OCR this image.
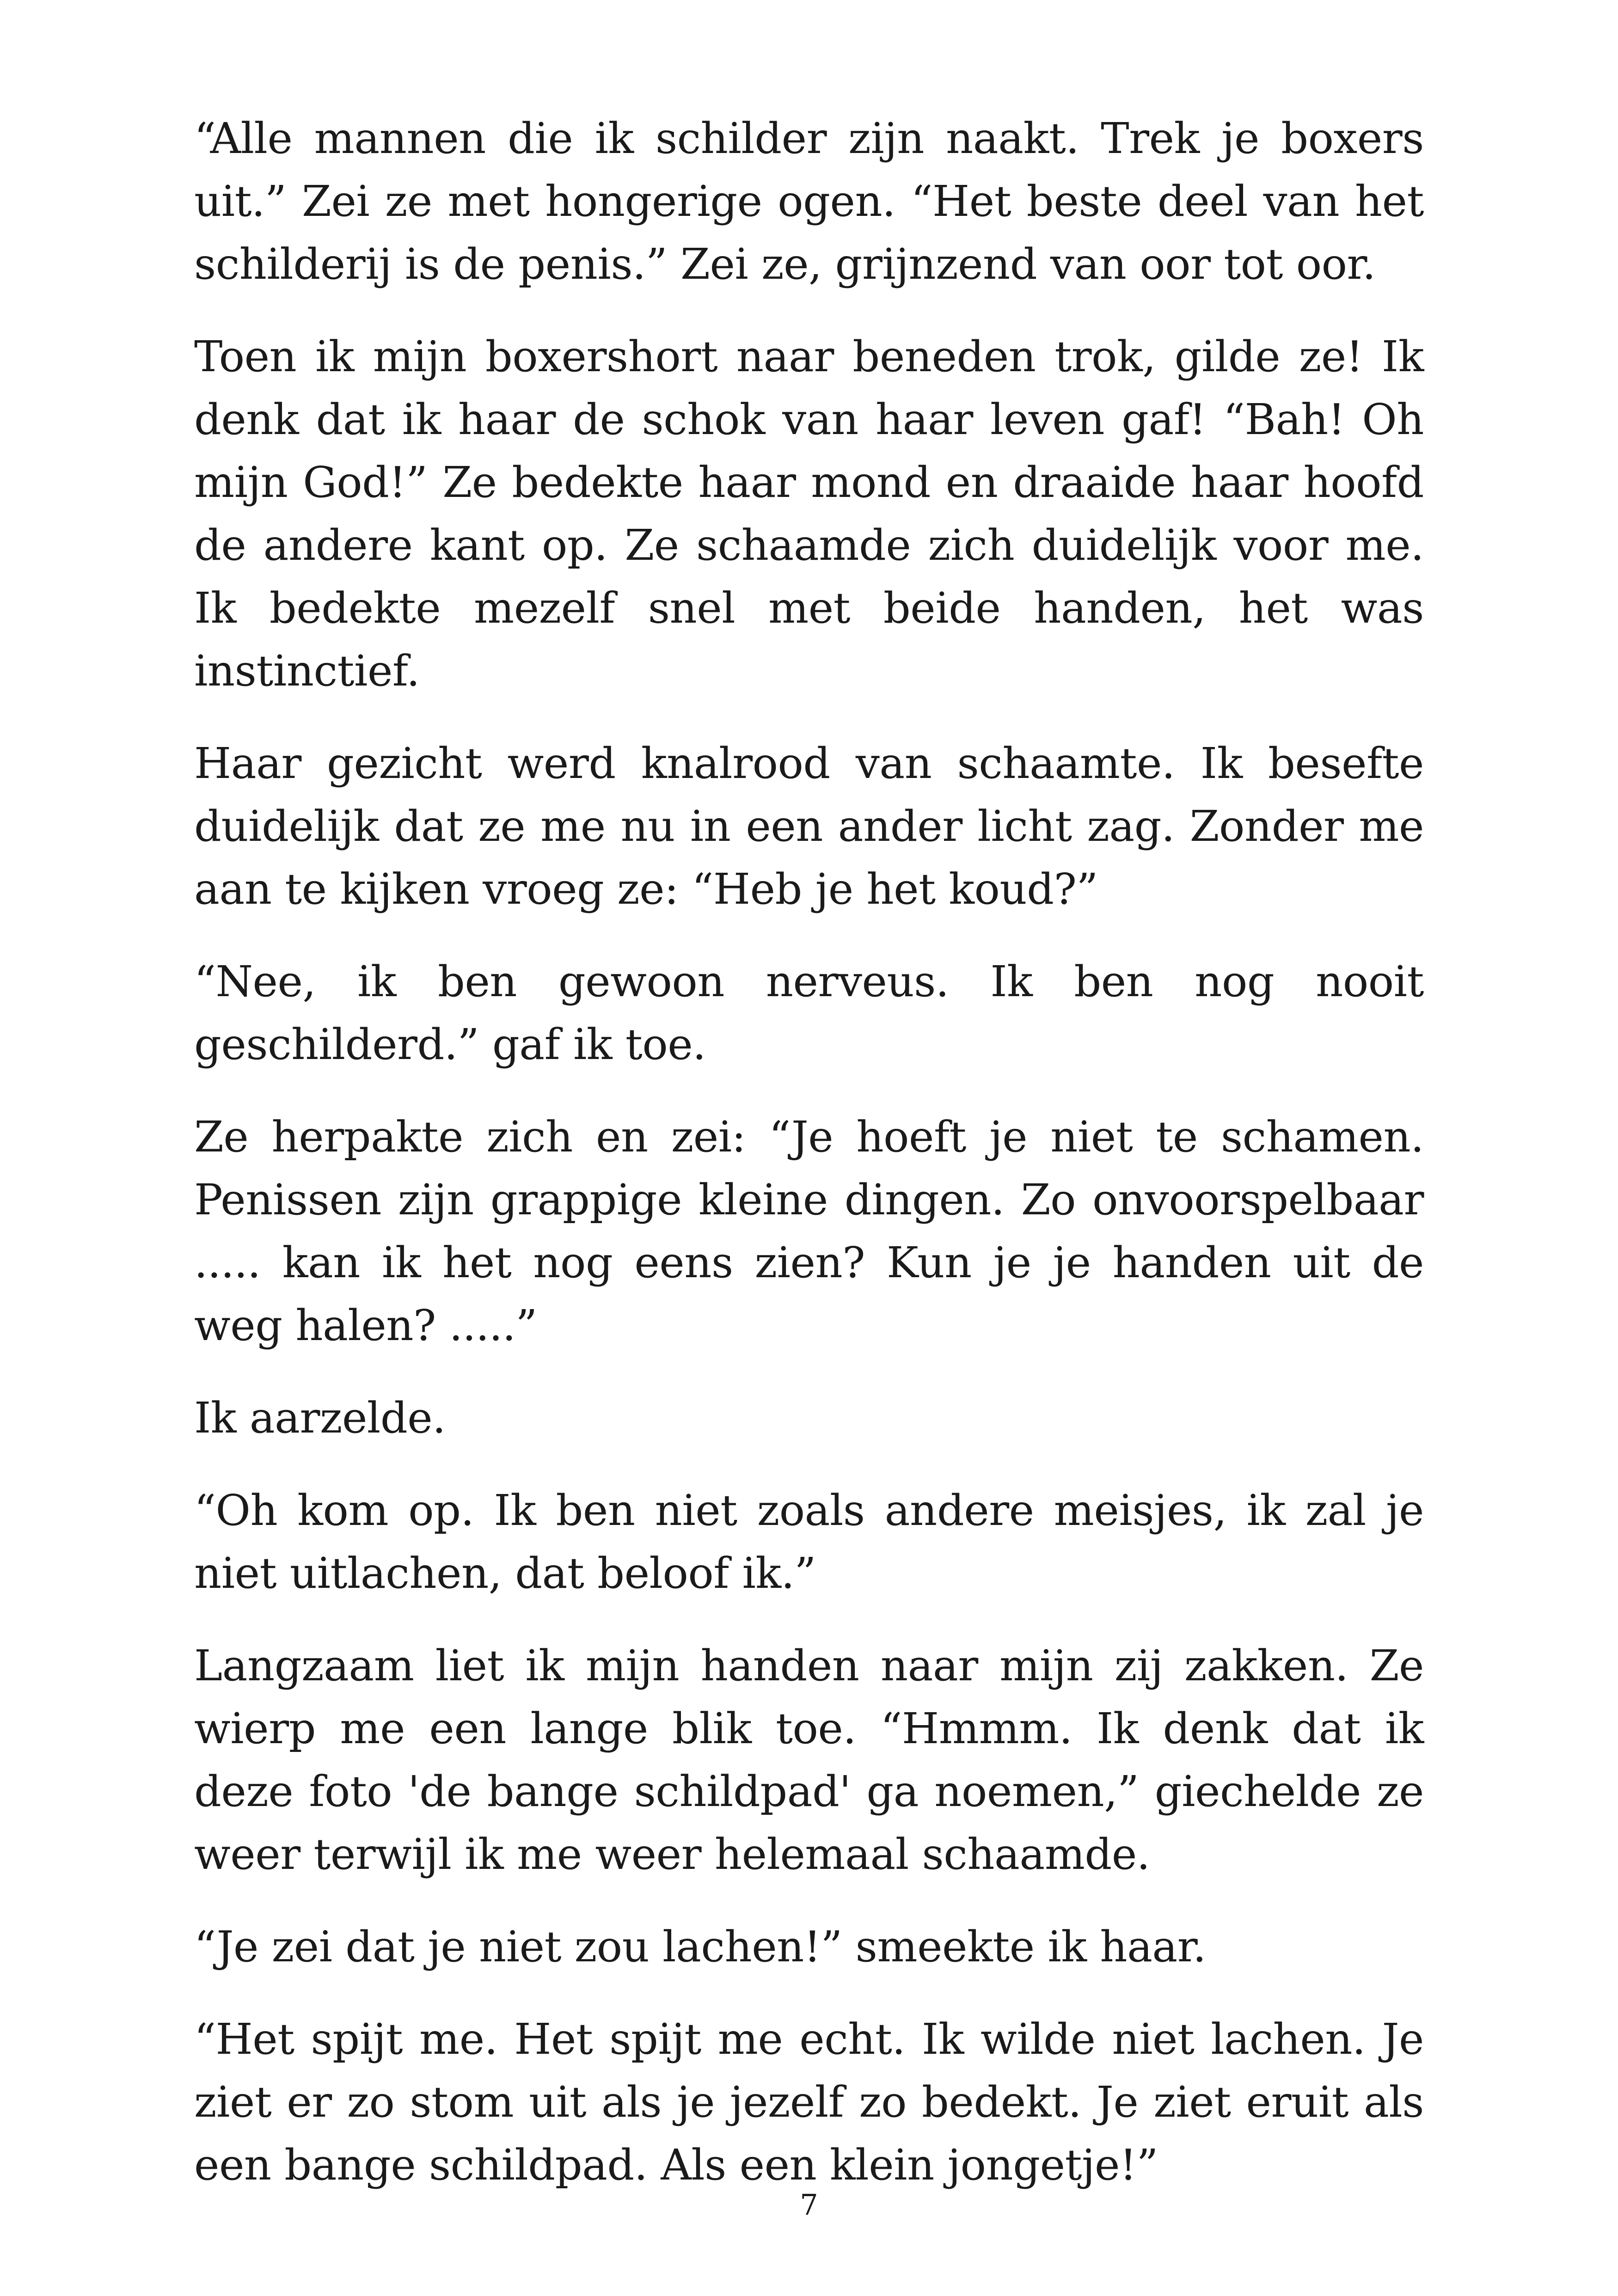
“Alle mannen die ik schilder zijn naakt. Trek je boxers uit.” Zei ze met hongerige ogen. “Het beste deel van het schilderij is de penis.” Zei ze, grijnzend van oor tot oor.

Toen ik mijn boxershort naar beneden trok, gilde ze! Ik denk dat ik haar de schok van haar leven gaf! “Bah! Oh mijn God!” Ze bedekte haar mond en draaide haar hoofd de andere kant op. Ze schaamde zich duidelijk voor me. Ik bedekte mezelf snel met beide handen, het was instinctief.

Haar gezicht werd knalrood van schaamte. Ik besefte duidelijk dat ze me nu in een ander licht zag. Zonder me aan te kijken vroeg ze: “Heb je het koud?”

“Nee, ik ben gewoon nerveus. Ik ben nog nooit geschilderd.” gaf ik toe.

Ze herpakte zich en zei: “Je hoeft je niet te schamen. Penissen zijn grappige kleine dingen. Zo onvoorspelbaar ..... kan ik het nog eens zien? Kun je je handen uit de weg halen? .....”

Ik aarzelde.

“Oh kom op. Ik ben niet zoals andere meisjes, ik zal je niet uitlachen, dat beloof ik.”

Langzaam liet ik mijn handen naar mijn zij zakken. Ze wierp me een lange blik toe. “Hmmm. Ik denk dat ik deze foto 'de bange schildpad' ga noemen,” giechelde ze weer terwijl ik me weer helemaal schaamde.

“Je zei dat je niet zou lachen!” smeekte ik haar.

“Het spijt me. Het spijt me echt. Ik wilde niet lachen. Je ziet er zo stom uit als je jezelf zo bedekt. Je ziet eruit als een bange schildpad. Als een klein jongetje!”

7
